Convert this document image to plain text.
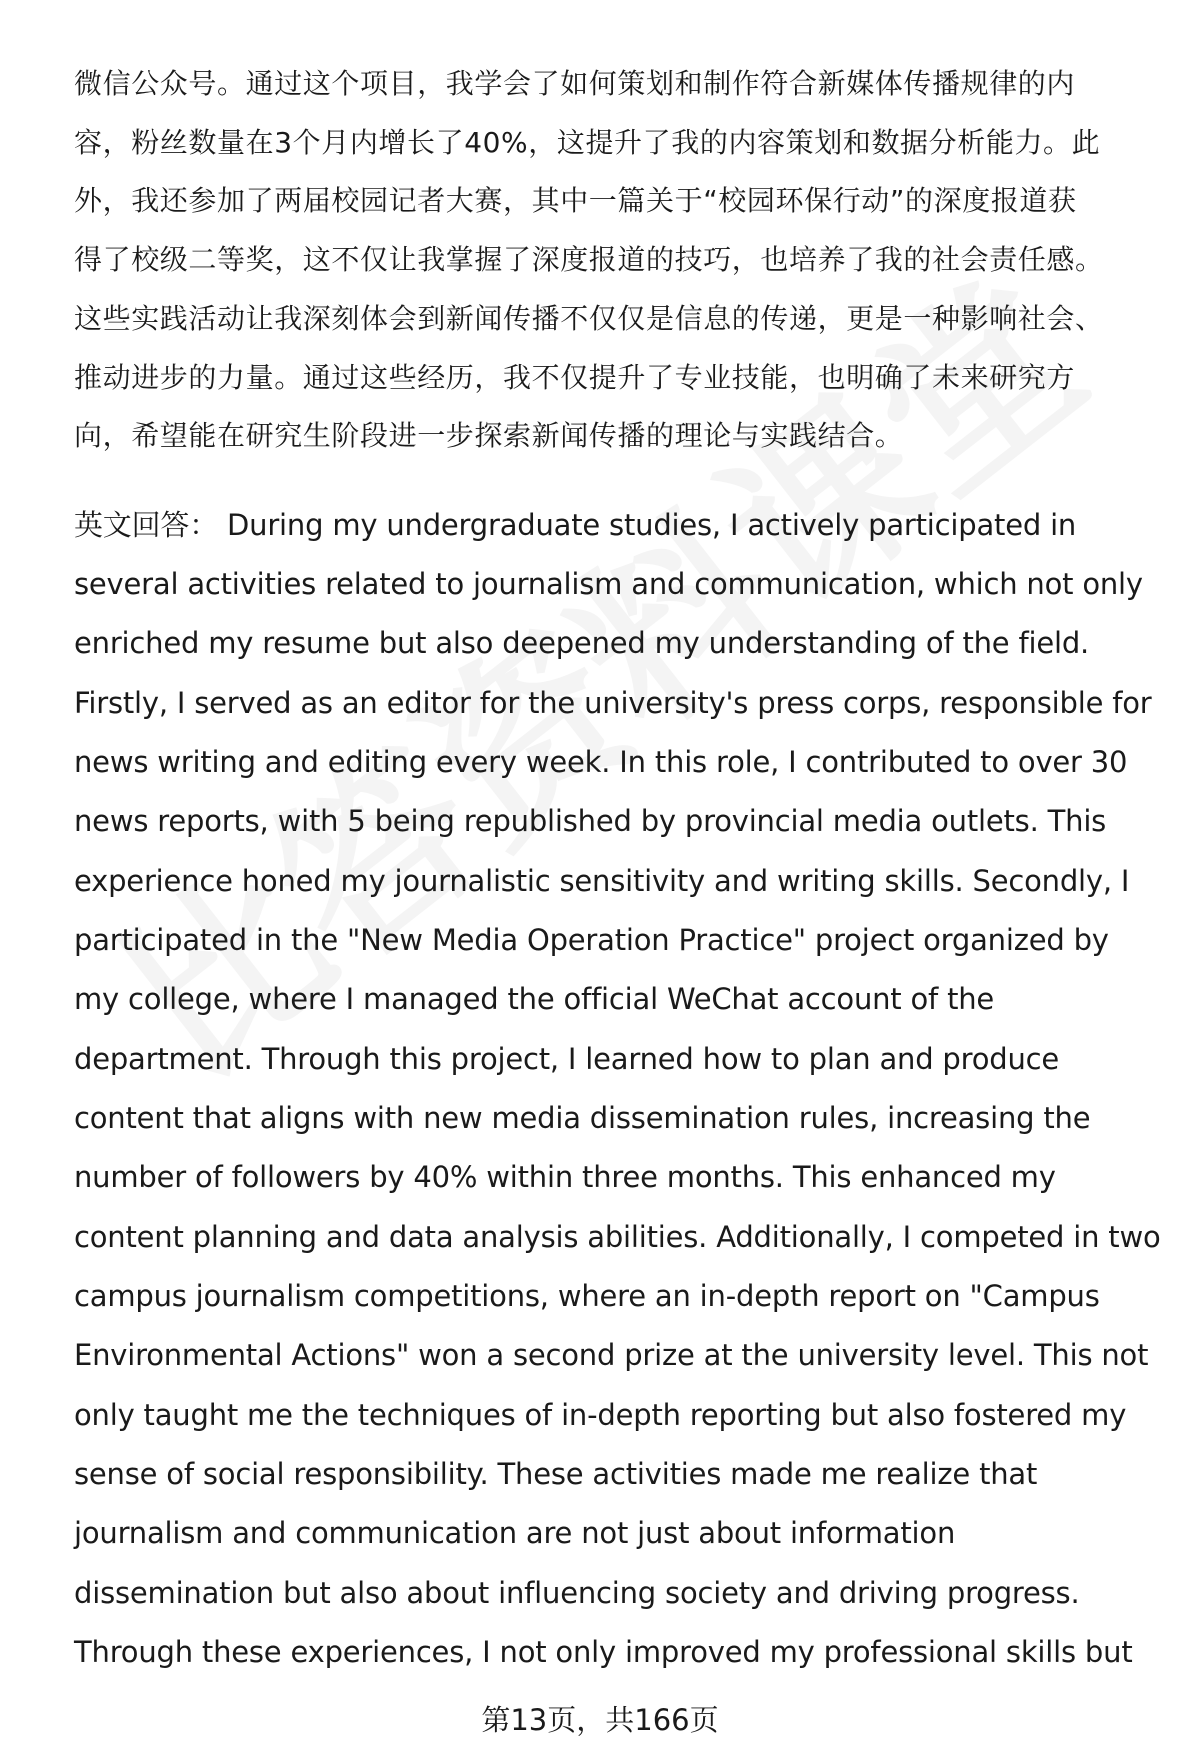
微信公众号。通过这个项目，我学会了如何策划和制作符合新媒体传播规律的内
容，粉丝数量在3个月内增长了40%，这提升了我的内容策划和数据分析能力。此
外，我还参加了两届校园记者大赛，其中一篇关于“校园环保行动”的深度报道获
得了校级二等奖，这不仅让我掌握了深度报道的技巧，也培养了我的社会责任感。
这些实践活动让我深刻体会到新闻传播不仅仅是信息的传递，更是一种影响社会、
推动进步的力量。通过这些经历，我不仅提升了专业技能，也明确了未来研究方
向，希望能在研究生阶段进一步探索新闻传播的理论与实践结合。
英文回答： During my undergraduate studies, I actively participated in
several activities related to journalism and communication, which not only
enriched my resume but also deepened my understanding of the field.
Firstly, I served as an editor for the university's press corps, responsible for
news writing and editing every week. In this role, I contributed to over 30
news reports, with 5 being republished by provincial media outlets. This
experience honed my journalistic sensitivity and writing skills. Secondly, I
participated in the "New Media Operation Practice" project organized by
my college, where I managed the official WeChat account of the
department. Through this project, I learned how to plan and produce
content that aligns with new media dissemination rules, increasing the
number of followers by 40% within three months. This enhanced my
content planning and data analysis abilities. Additionally, I competed in two
campus journalism competitions, where an in-depth report on "Campus
Environmental Actions" won a second prize at the university level. This not
only taught me the techniques of in-depth reporting but also fostered my
sense of social responsibility. These activities made me realize that
journalism and communication are not just about information
dissemination but also about influencing society and driving progress.
Through these experiences, I not only improved my professional skills but
第13页，共166页
